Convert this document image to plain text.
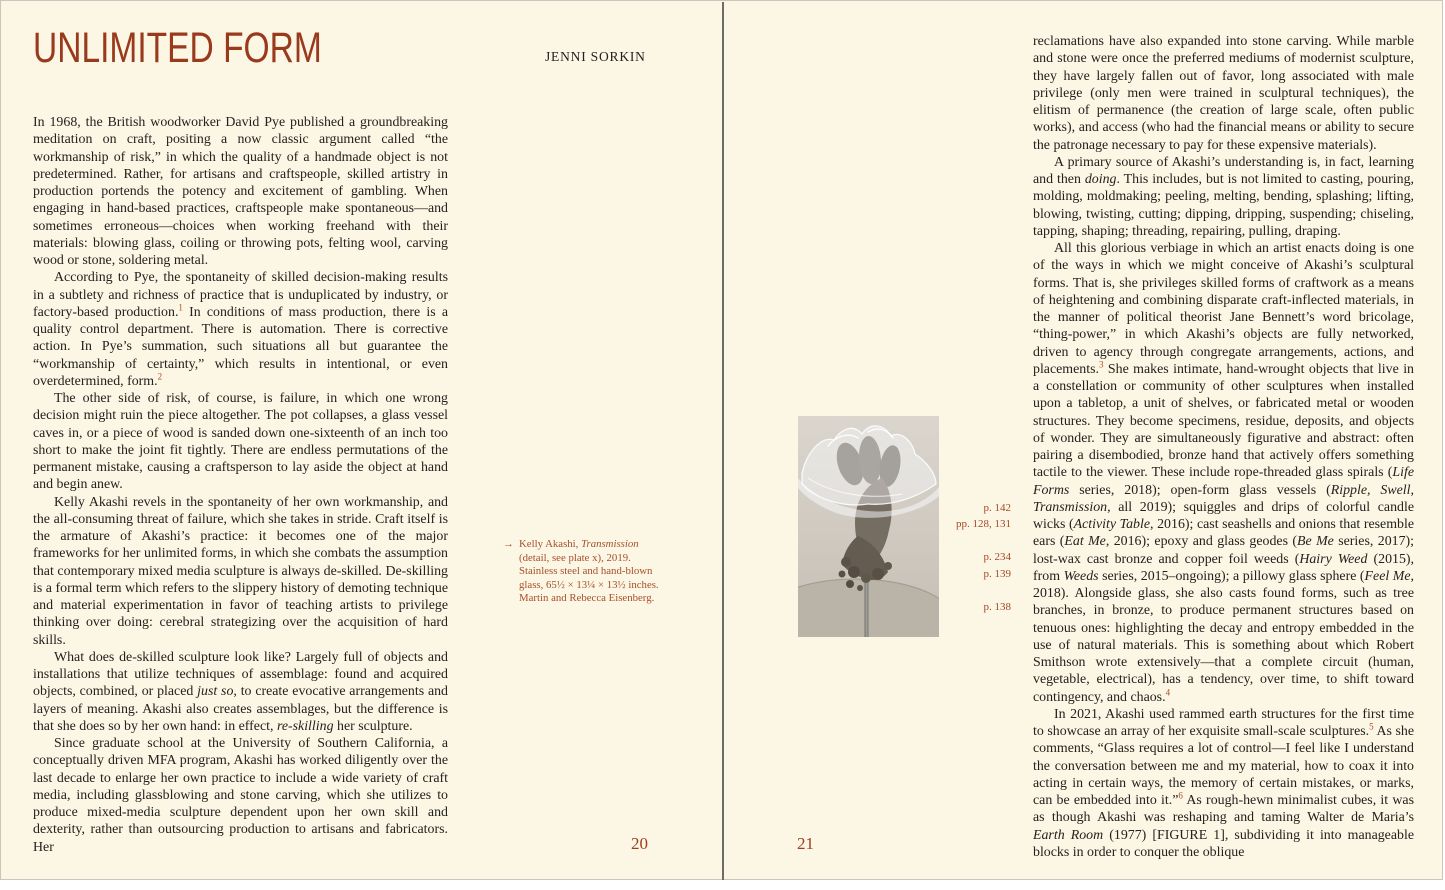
UNLIMITED FORM	JENNI SORKIN

In 1968, the British woodworker David Pye published a groundbreaking meditation on craft, positing a now classic argument called “the workmanship of risk,” in which the quality of a handmade object is not predetermined. Rather, for artisans and craftspeople, skilled artistry in production portends the potency and excitement of gambling. When engaging in hand-based practices, craftspeople make spontaneous—and sometimes erroneous—choices when working freehand with their materials: blowing glass, coiling or throwing pots, felting wool, carving wood or stone, soldering metal.

According to Pye, the spontaneity of skilled decision-making results in a subtlety and richness of practice that is unduplicated by industry, or factory-based production.$^1$ In conditions of mass production, there is a quality control department. There is automation. There is corrective action. In Pye’s summation, such situations all but guarantee the “workmanship of certainty,” which results in intentional, or even overdetermined, form.$^2$

The other side of risk, of course, is failure, in which one wrong decision might ruin the piece altogether. The pot collapses, a glass vessel caves in, or a piece of wood is sanded down one-sixteenth of an inch too short to make the joint fit tightly. There are endless permutations of the permanent mistake, causing a craftsperson to lay aside the object at hand and begin anew.

Kelly Akashi revels in the spontaneity of her own workmanship, and the all-consuming threat of failure, which she takes in stride. Craft itself is the armature of Akashi’s practice: it becomes one of the major frameworks for her unlimited forms, in which she combats the assumption that contemporary mixed media sculpture is always de-skilled. De-skilling is a formal term which refers to the slippery history of demoting technique and material experimentation in favor of teaching artists to privilege thinking over doing: cerebral strategizing over the acquisition of hard skills.

What does de-skilled sculpture look like? Largely full of objects and installations that utilize techniques of assemblage: found and acquired objects, combined, or placed just so, to create evocative arrangements and layers of meaning. Akashi also creates assemblages, but the difference is that she does so by her own hand: in effect, re-skilling her sculpture.

Since graduate school at the University of Southern California, a conceptually driven MFA program, Akashi has worked diligently over the last decade to enlarge her own practice to include a wide variety of craft media, including glassblowing and stone carving, which she utilizes to produce mixed-media sculpture dependent upon her own skill and dexterity, rather than outsourcing production to artisans and fabricators. Her

→ Kelly Akashi, Transmission (detail, see plate x), 2019. Stainless steel and hand-blown glass, 65½ × 13¼ × 13½ inches. Martin and Rebecca Eisenberg.
20
p. 142
pp. 128, 131
p. 234
p. 139
p. 138

reclamations have also expanded into stone carving. While marble and stone were once the preferred mediums of modernist sculpture, they have largely fallen out of favor, long associated with male privilege (only men were trained in sculptural techniques), the elitism of permanence (the creation of large scale, often public works), and access (who had the financial means or ability to secure the patronage necessary to pay for these expensive materials).

A primary source of Akashi’s understanding is, in fact, learning and then doing. This includes, but is not limited to casting, pouring, molding, moldmaking; peeling, melting, bending, splashing; lifting, blowing, twisting, cutting; dipping, dripping, suspending; chiseling, tapping, shaping; threading, repairing, pulling, draping.

All this glorious verbiage in which an artist enacts doing is one of the ways in which we might conceive of Akashi’s sculptural forms. That is, she privileges skilled forms of craftwork as a means of heightening and combining disparate craft-inflected materials, in the manner of political theorist Jane Bennett’s word bricolage, “thing-power,” in which Akashi’s objects are fully networked, driven to agency through congregate arrangements, actions, and placements.$^3$ She makes intimate, hand-wrought objects that live in a constellation or community of other sculptures when installed upon a tabletop, a unit of shelves, or fabricated metal or wooden structures. They become specimens, residue, deposits, and objects of wonder. They are simultaneously figurative and abstract: often pairing a disembodied, bronze hand that actively offers something tactile to the viewer. These include rope-threaded glass spirals (Life Forms series, 2018); open-form glass vessels (Ripple, Swell, Transmission, all 2019); squiggles and drips of colorful candle wicks (Activity Table, 2016); cast seashells and onions that resemble ears (Eat Me, 2016); epoxy and glass geodes (Be Me series, 2017); lost-wax cast bronze and copper foil weeds (Hairy Weed (2015), from Weeds series, 2015–ongoing); a pillowy glass sphere (Feel Me, 2018). Alongside glass, she also casts found forms, such as tree branches, in bronze, to produce permanent structures based on tenuous ones: highlighting the decay and entropy embedded in the use of natural materials. This is something about which Robert Smithson wrote extensively—that a complete circuit (human, vegetable, electrical), has a tendency, over time, to shift toward contingency, and chaos.$^4$

In 2021, Akashi used rammed earth structures for the first time to showcase an array of her exquisite small-scale sculptures.$^5$ As she comments, “Glass requires a lot of control—I feel like I understand the conversation between me and my material, how to coax it into acting in certain ways, the memory of certain mistakes, or marks, can be embedded into it.”$^6$ As rough-hewn minimalist cubes, it was as though Akashi was reshaping and taming Walter de Maria’s Earth Room (1977) [FIGURE 1], subdividing it into manageable blocks in order to conquer the oblique

21
